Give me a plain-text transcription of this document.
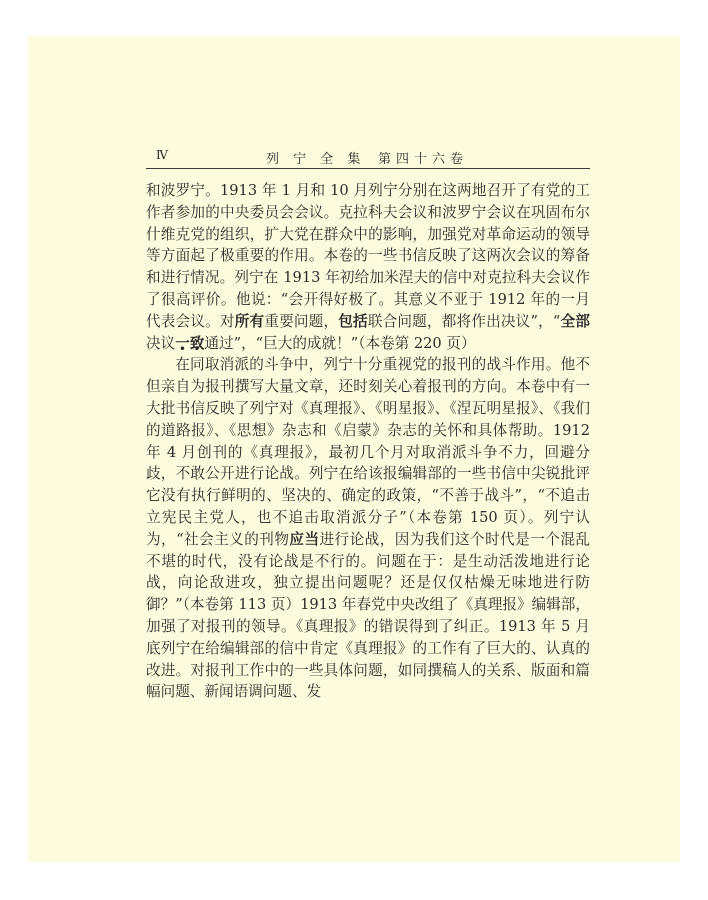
Ⅳ	列 宁 全 集 第四十六卷

和波罗宁。1913 年 1 月和 10 月列宁分别在这两地召开了有党的工作者参加的中央委员会会议。克拉科夫会议和波罗宁会议在巩固布尔什维克党的组织，扩大党在群众中的影响，加强党对革命运动的领导等方面起了极重要的作用。本卷的一些书信反映了这两次会议的筹备和进行情况。列宁在 1913 年初给加米涅夫的信中对克拉科夫会议作了很高评价。他说：“会开得好极了。其意义不亚于 1912 年的一月代表会议。对所有重要问题，包括联合问题，都将作出决议”，“全部决议一致通过”，“巨大的成就！”（本卷第 220 页）

在同取消派的斗争中，列宁十分重视党的报刊的战斗作用。他不但亲自为报刊撰写大量文章，还时刻关心着报刊的方向。本卷中有一大批书信反映了列宁对《真理报》、《明星报》、《涅瓦明星报》、《我们的道路报》、《思想》杂志和《启蒙》杂志的关怀和具体帮助。1912 年 4 月创刊的《真理报》，最初几个月对取消派斗争不力，回避分歧，不敢公开进行论战。列宁在给该报编辑部的一些书信中尖锐批评它没有执行鲜明的、坚决的、确定的政策，“不善于战斗”，“不追击立宪民主党人，也不追击取消派分子”（本卷第 150 页）。列宁认为，“社会主义的刊物应当进行论战，因为我们这个时代是一个混乱不堪的时代，没有论战是不行的。问题在于：是生动活泼地进行论战，向论敌进攻，独立提出问题呢？还是仅仅枯燥无味地进行防御？”（本卷第 113 页）1913 年春党中央改组了《真理报》编辑部，加强了对报刊的领导。《真理报》的错误得到了纠正。1913 年 5 月底列宁在给编辑部的信中肯定《真理报》的工作有了巨大的、认真的改进。对报刊工作中的一些具体问题，如同撰稿人的关系、版面和篇幅问题、新闻语调问题、发
